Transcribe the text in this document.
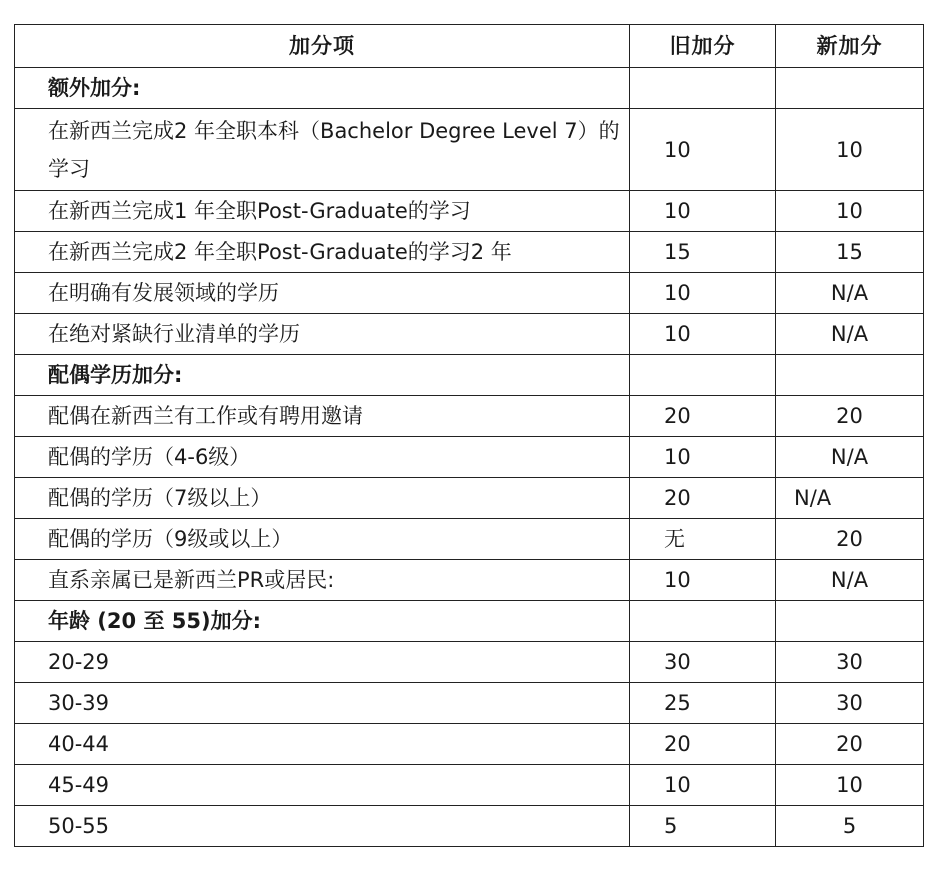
加分项	旧加分	新加分
额外加分:		
在新西兰完成2 年全职本科（Bachelor Degree Level 7）的学习	10	10
在新西兰完成1 年全职Post-Graduate的学习	10	10
在新西兰完成2 年全职Post-Graduate的学习2 年	15	15
在明确有发展领域的学历	10	N/A
在绝对紧缺行业清单的学历	10	N/A
配偶学历加分:		
配偶在新西兰有工作或有聘用邀请	20	20
配偶的学历（4-6级）	10	N/A
配偶的学历（7级以上）	20	N/A
配偶的学历（9级或以上）	无	20
直系亲属已是新西兰PR或居民:	10	N/A
年龄 (20 至 55)加分:		
20-29	30	30
30-39	25	30
40-44	20	20
45-49	10	10
50-55	5	5
